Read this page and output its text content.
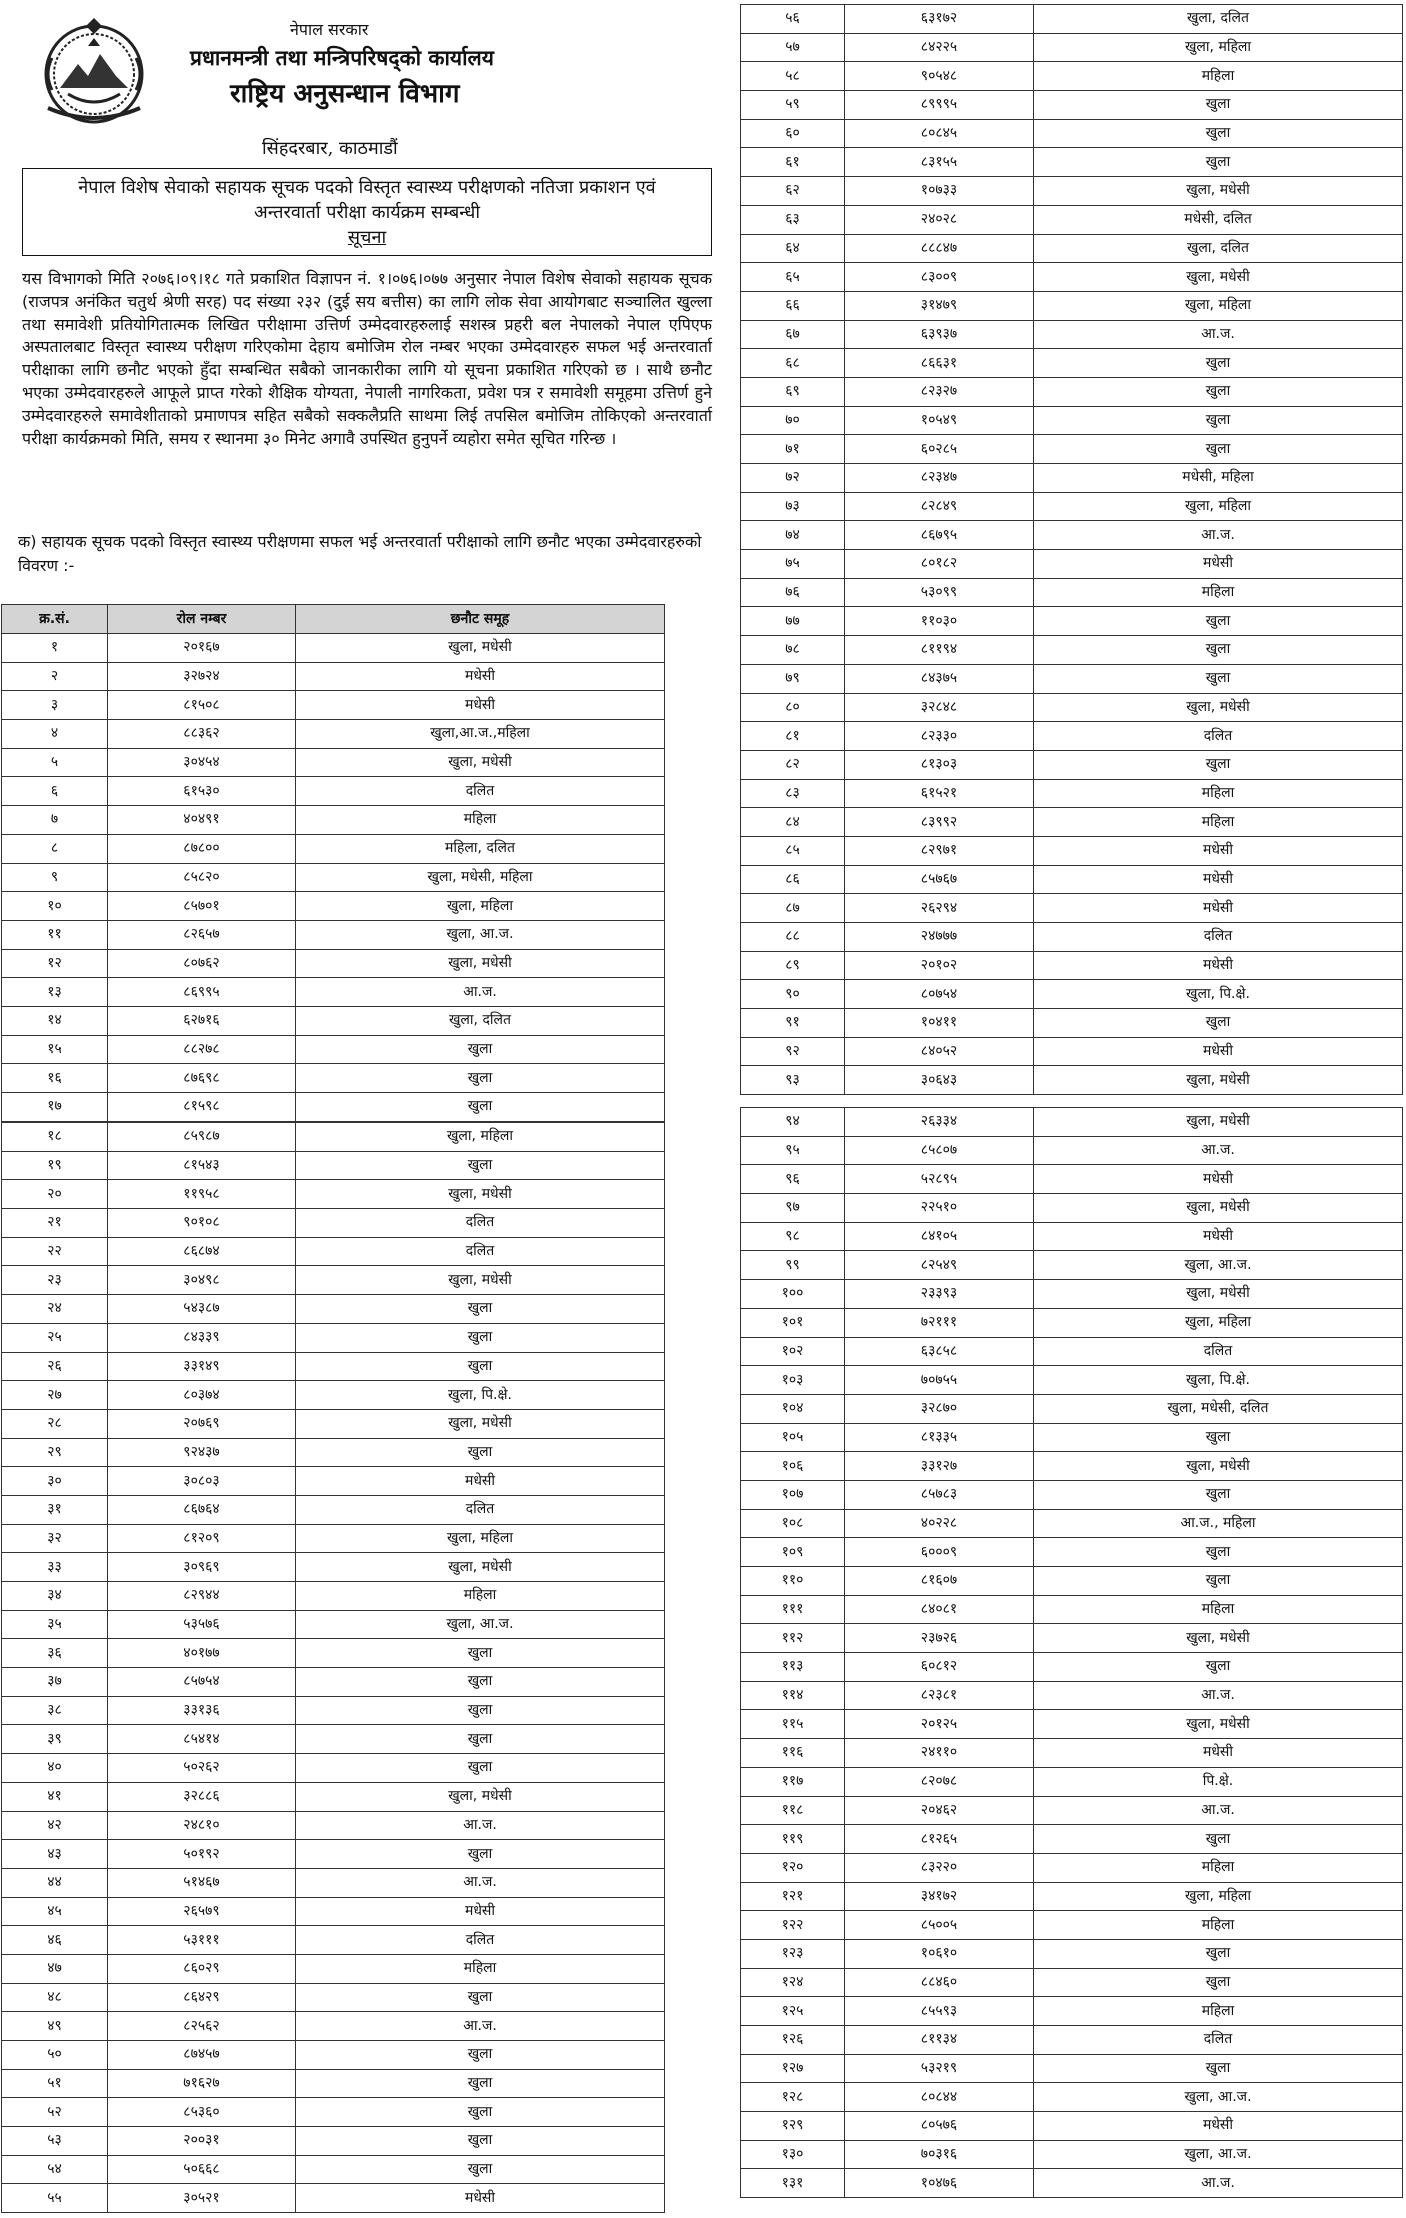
नेपाल सरकार
प्रधानमन्त्री तथा मन्त्रिपरिषद्को कार्यालय
राष्ट्रिय अनुसन्धान विभाग
सिंहदरबार, काठमाडौं
नेपाल विशेष सेवाको सहायक सूचक पदको विस्तृत स्वास्थ्य परीक्षणको नतिजा प्रकाशन एवं
अन्तरवार्ता परीक्षा कार्यक्रम सम्बन्धी
सूचना
यस विभागको मिति २०७६।०९।१८ गते प्रकाशित विज्ञापन नं. १।०७६।०७७ अनुसार नेपाल विशेष सेवाको सहायक सूचक (राजपत्र अनंकित चतुर्थ श्रेणी सरह) पद संख्या २३२ (दुई सय बत्तीस) का लागि लोक सेवा आयोगबाट सञ्चालित खुल्ला तथा समावेशी प्रतियोगितात्मक लिखित परीक्षामा उत्तिर्ण उम्मेदवारहरुलाई सशस्त्र प्रहरी बल नेपालको नेपाल एपिएफ अस्पतालबाट विस्तृत स्वास्थ्य परीक्षण गरिएकोमा देहाय बमोजिम रोल नम्बर भएका उम्मेदवारहरु सफल भई अन्तरवार्ता परीक्षाका लागि छनौट भएको हुँदा सम्बन्धित सबैको जानकारीका लागि यो सूचना प्रकाशित गरिएको छ । साथै छनौट भएका उम्मेदवारहरुले आफूले प्राप्त गरेको शैक्षिक योग्यता, नेपाली नागरिकता, प्रवेश पत्र र समावेशी समूहमा उत्तिर्ण हुने उम्मेदवारहरुले समावेशीताको प्रमाणपत्र सहित सबैको सक्कलैप्रति साथमा लिई तपसिल बमोजिम तोकिएको अन्तरवार्ता परीक्षा कार्यक्रमको मिति, समय र स्थानमा ३० मिनेट अगावै उपस्थित हुनुपर्ने व्यहोरा समेत सूचित गरिन्छ ।
क) सहायक सूचक पदको विस्तृत स्वास्थ्य परीक्षणमा सफल भई अन्तरवार्ता परीक्षाको लागि छनौट भएका उम्मेदवारहरुको विवरण :-
क्र.सं.	रोल नम्बर	छनौट समूह
१	२०१६७	खुला, मधेसी
२	३२७२४	मधेसी
३	८१५०८	मधेसी
४	८८३६२	खुला,आ.ज.,महिला
५	३०४५४	खुला, मधेसी
६	६१५३०	दलित
७	४०४९१	महिला
८	८७८००	महिला, दलित
९	८५८२०	खुला, मधेसी, महिला
१०	८५७०१	खुला, महिला
११	८२६५७	खुला, आ.ज.
१२	८०७६२	खुला, मधेसी
१३	८६९९५	आ.ज.
१४	६२७१६	खुला, दलित
१५	८८२७८	खुला
१६	८७६९८	खुला
१७	८१५९८	खुला
१८	८५९८७	खुला, महिला
१९	८१५४३	खुला
२०	११९५८	खुला, मधेसी
२१	९०१०८	दलित
२२	८६८७४	दलित
२३	३०४९८	खुला, मधेसी
२४	५४३८७	खुला
२५	८४३३९	खुला
२६	३३१४९	खुला
२७	८०३७४	खुला, पि.क्षे.
२८	२०७६९	खुला, मधेसी
२९	९२४३७	खुला
३०	३०८०३	मधेसी
३१	८६७६४	दलित
३२	८१२०९	खुला, महिला
३३	३०९६९	खुला, मधेसी
३४	८२९४४	महिला
३५	५३५७६	खुला, आ.ज.
३६	४०१७७	खुला
३७	८५७५४	खुला
३८	३३१३६	खुला
३९	८५४१४	खुला
४०	५०२६२	खुला
४१	३२८८६	खुला, मधेसी
४२	२४८१०	आ.ज.
४३	५०१९२	खुला
४४	५१४६७	आ.ज.
४५	२६५७९	मधेसी
४६	५३१११	दलित
४७	८६०२९	महिला
४८	८६४२९	खुला
४९	८२५६२	आ.ज.
५०	८७४५७	खुला
५१	७१६२७	खुला
५२	८५३६०	खुला
५३	२००३१	खुला
५४	५०६६८	खुला
५५	३०५२१	मधेसी
५६	६३१७२	खुला, दलित
५७	८४२२५	खुला, महिला
५८	९०५४८	महिला
५९	८९९९५	खुला
६०	८०८४५	खुला
६१	८३१५५	खुला
६२	१०७३३	खुला, मधेसी
६३	२४०२८	मधेसी, दलित
६४	८८८४७	खुला, दलित
६५	८३००९	खुला, मधेसी
६६	३१४७९	खुला, महिला
६७	६३९३७	आ.ज.
६८	८६६३१	खुला
६९	८२३२७	खुला
७०	१०५४९	खुला
७१	६०२८५	खुला
७२	८२३४७	मधेसी, महिला
७३	८२८४९	खुला, महिला
७४	८६७९५	आ.ज.
७५	८०१८२	मधेसी
७६	५३०९९	महिला
७७	११०३०	खुला
७८	८११९४	खुला
७९	८४३७५	खुला
८०	३२८४८	खुला, मधेसी
८१	८२३३०	दलित
८२	८१३०३	खुला
८३	६१५२१	महिला
८४	८३९९२	महिला
८५	८२९७१	मधेसी
८६	८५७६७	मधेसी
८७	२६२९४	मधेसी
८८	२४७७७	दलित
८९	२०१०२	मधेसी
९०	८०७५४	खुला, पि.क्षे.
९१	१०४११	खुला
९२	८४०५२	मधेसी
९३	३०६४३	खुला, मधेसी
९४	२६३३४	खुला, मधेसी
९५	८५८०७	आ.ज.
९६	५२८९५	मधेसी
९७	२२५१०	खुला, मधेसी
९८	८४१०५	मधेसी
९९	८२५४९	खुला, आ.ज.
१००	२३३९३	खुला, मधेसी
१०१	७२१११	खुला, महिला
१०२	६३८५८	दलित
१०३	७०७५५	खुला, पि.क्षे.
१०४	३२८७०	खुला, मधेसी, दलित
१०५	८१३३५	खुला
१०६	३३१२७	खुला, मधेसी
१०७	८५७८३	खुला
१०८	४०२२८	आ.ज., महिला
१०९	६०००९	खुला
११०	८१६०७	खुला
१११	८४०८१	महिला
११२	२३७२६	खुला, मधेसी
११३	६०८१२	खुला
११४	८२३८१	आ.ज.
११५	२०१२५	खुला, मधेसी
११६	२४११०	मधेसी
११७	८२०७८	पि.क्षे.
११८	२०४६२	आ.ज.
११९	८१२६५	खुला
१२०	८३२२०	महिला
१२१	३४१७२	खुला, महिला
१२२	८५००५	महिला
१२३	१०६१०	खुला
१२४	८८४६०	खुला
१२५	८५५९३	महिला
१२६	८११३४	दलित
१२७	५३२१९	खुला
१२८	८०८४४	खुला, आ.ज.
१२९	८०५७६	मधेसी
१३०	७०३१६	खुला, आ.ज.
१३१	१०४७६	आ.ज.
